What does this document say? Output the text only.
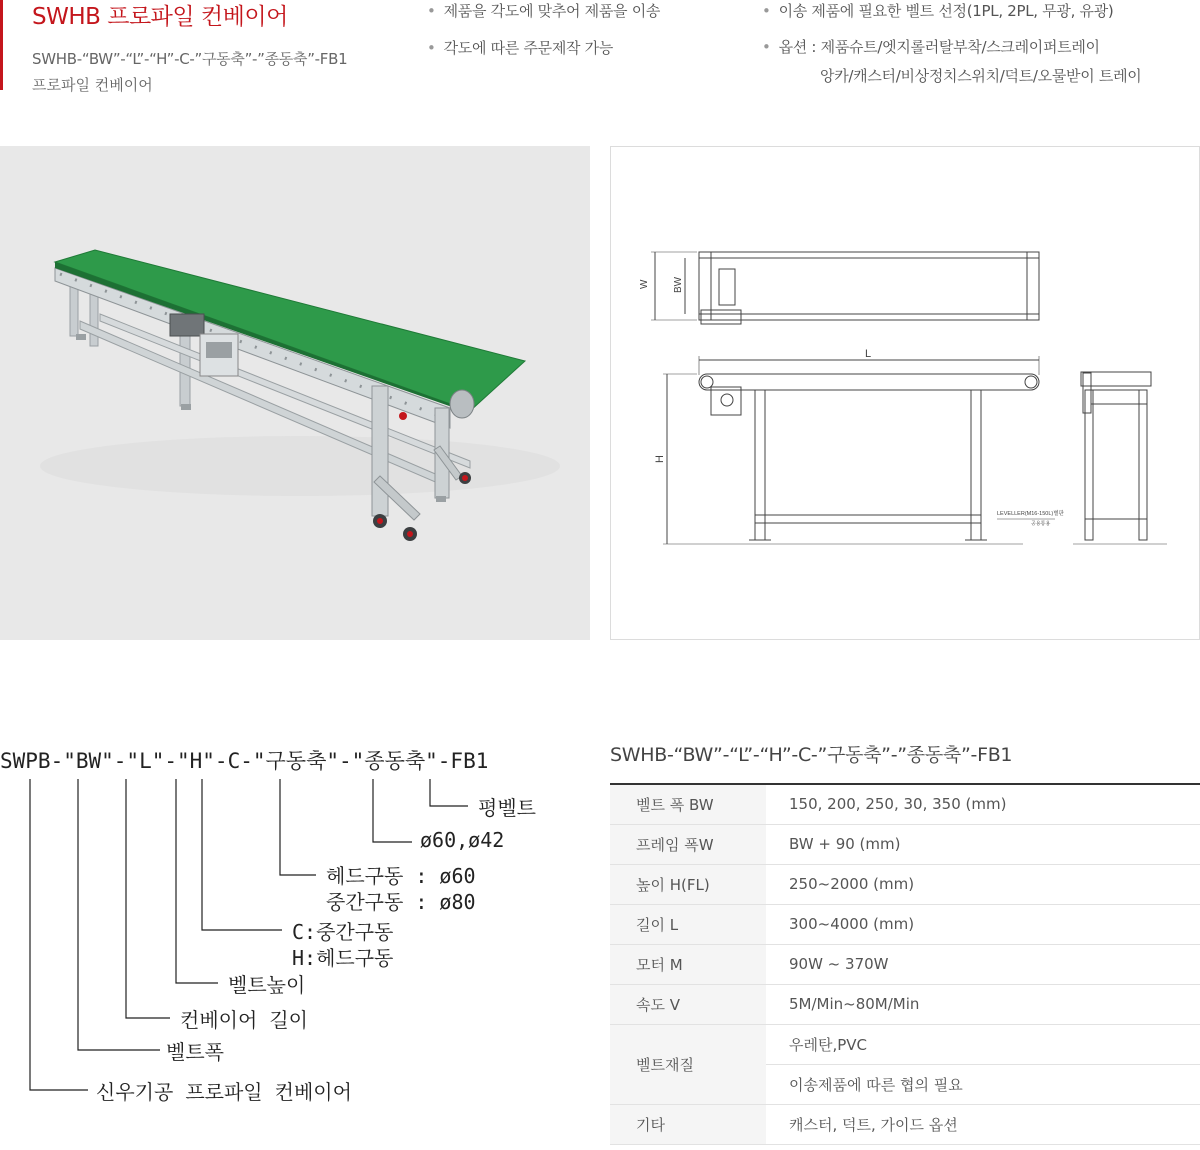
SWHB 프로파일 컨베이어
SWHB-“BW”-“L”-“H”-C-”구동축”-”종동축”-FB1
프로파일 컨베이어
• 제품을 각도에 맞추어 제품을 이송
• 각도에 따른 주문제작 가능
• 이송 제품에 필요한 벨트 선정(1PL, 2PL, 무광, 유광)
• 옵션 : 제품슈트/엣지롤러탈부착/스크레이퍼트레이
앙카/캐스터/비상정치스위치/덕트/오물받이 트레이
W BW
L
H
LEVELLER(M16-150L)별판
공용통용
SWPB-"BW"-"L"-"H"-C-"구동축"-"종동축"-FB1
평벨트
ø60,ø42
헤드구동 : ø60
중간구동 : ø80
C:중간구동
H:헤드구동
벨트높이
컨베이어 길이
벨트폭
신우기공 프로파일 컨베이어
SWHB-“BW”-“L”-“H”-C-”구동축”-”종동축”-FB1
벨트 폭 BW	150, 200, 250, 30, 350 (mm)
프레임 폭W	BW + 90 (mm)
높이 H(FL)	250~2000 (mm)
길이 L	300~4000 (mm)
모터 M	90W ~ 370W
속도 V	5M/Min~80M/Min
벨트재질	우레탄,PVC
	이송제품에 따른 협의 필요
기타	캐스터, 덕트, 가이드 옵션
